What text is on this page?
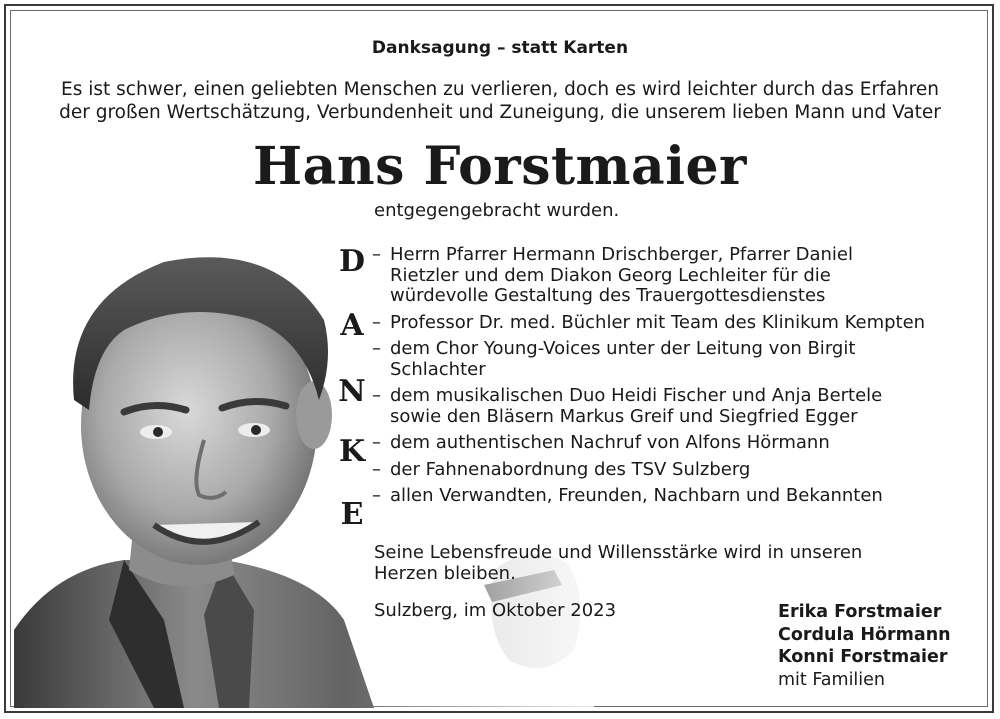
Danksagung – statt Karten
Es ist schwer, einen geliebten Menschen zu verlieren, doch es wird leichter durch das Erfahren
der großen Wertschätzung, Verbundenheit und Zuneigung, die unserem lieben Mann und Vater
Hans Forstmaier
entgegengebracht wurden.
D
A
N
K
E
– Herrn Pfarrer Hermann Drischberger, Pfarrer Daniel
Rietzler und dem Diakon Georg Lechleiter für die
würdevolle Gestaltung des Trauergottesdienstes
– Professor Dr. med. Büchler mit Team des Klinikum Kempten
– dem Chor Young-Voices unter der Leitung von Birgit
Schlachter
– dem musikalischen Duo Heidi Fischer und Anja Bertele
sowie den Bläsern Markus Greif und Siegfried Egger
– dem authentischen Nachruf von Alfons Hörmann
– der Fahnenabordnung des TSV Sulzberg
– allen Verwandten, Freunden, Nachbarn und Bekannten
Seine Lebensfreude und Willensstärke wird in unseren
Herzen bleiben.
Sulzberg, im Oktober 2023	Erika Forstmaier
Cordula Hörmann
Konni Forstmaier
mit Familien
